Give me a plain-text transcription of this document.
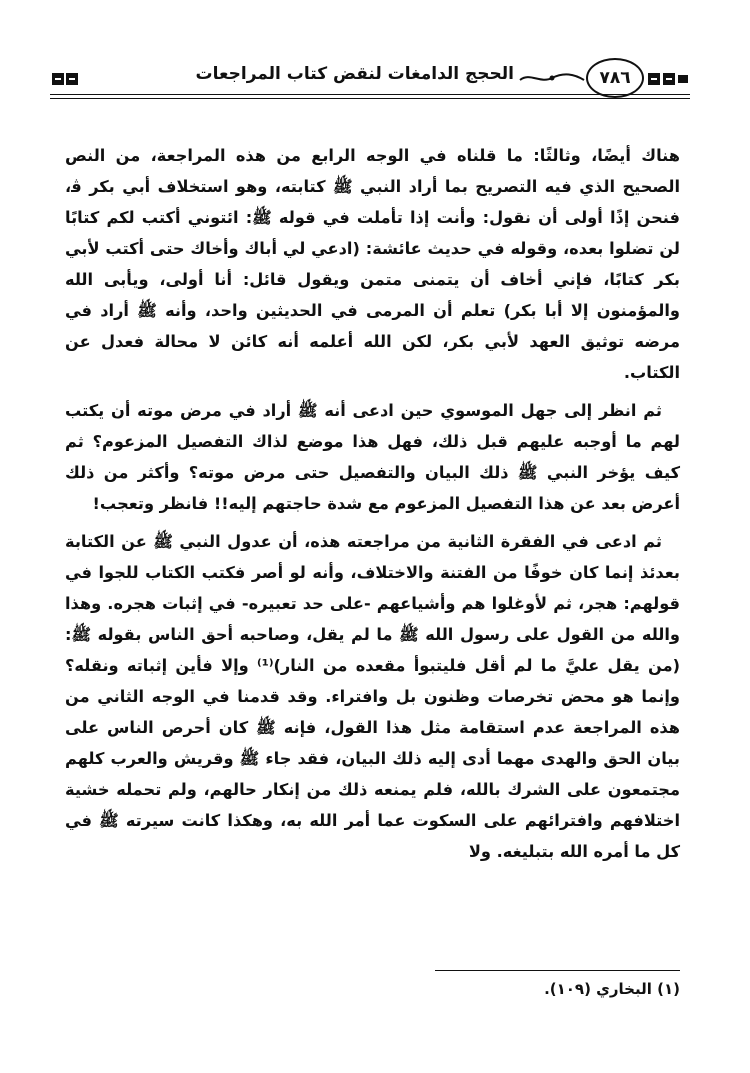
٧٨٦
الحجج الدامغات لنقض كتاب المراجعات

هناك أيضًا، وثالثًا: ما قلناه في الوجه الرابع من هذه المراجعة، من النص الصحيح الذي فيه التصريح بما أراد النبي ﷺ كتابته، وهو استخلاف أبي بكر ﭬ، فنحن إذًا أولى أن نقول: وأنت إذا تأملت في قوله ﷺ: ائتوني أكتب لكم كتابًا لن تضلوا بعده، وقوله في حديث عائشة: (ادعي لي أباك وأخاك حتى أكتب لأبي بكر كتابًا، فإني أخاف أن يتمنى متمن ويقول قائل: أنا أولى، ويأبى الله والمؤمنون إلا أبا بكر) تعلم أن المرمى في الحديثين واحد، وأنه ﷺ أراد في مرضه توثيق العهد لأبي بكر، لكن الله أعلمه أنه كائن لا محالة فعدل عن الكتاب.

ثم انظر إلى جهل الموسوي حين ادعى أنه ﷺ أراد في مرض موته أن يكتب لهم ما أوجبه عليهم قبل ذلك، فهل هذا موضع لذاك التفصيل المزعوم؟ ثم كيف يؤخر النبي ﷺ ذلك البيان والتفصيل حتى مرض موته؟ وأكثر من ذلك أعرض بعد عن هذا التفصيل المزعوم مع شدة حاجتهم إليه!! فانظر وتعجب!

ثم ادعى في الفقرة الثانية من مراجعته هذه، أن عدول النبي ﷺ عن الكتابة بعدئذ إنما كان خوفًا من الفتنة والاختلاف، وأنه لو أصر فكتب الكتاب للجوا في قولهم: هجر، ثم لأوغلوا هم وأشياعهم -على حد تعبيره- في إثبات هجره. وهذا والله من القول على رسول الله ﷺ ما لم يقل، وصاحبه أحق الناس بقوله ﷺ: (من يقل عليَّ ما لم أقل فليتبوأ مقعده من النار)⁽¹⁾ وإلا فأين إثباته ونقله؟ وإنما هو محض تخرصات وظنون بل وافتراء. وقد قدمنا في الوجه الثاني من هذه المراجعة عدم استقامة مثل هذا القول، فإنه ﷺ كان أحرص الناس على بيان الحق والهدى مهما أدى إليه ذلك البيان، فقد جاء ﷺ وقريش والعرب كلهم مجتمعون على الشرك بالله، فلم يمنعه ذلك من إنكار حالهم، ولم تحمله خشية اختلافهم وافترائهم على السكوت عما أمر الله به، وهكذا كانت سيرته ﷺ في كل ما أمره الله بتبليغه. ولا

(١) البخاري (١٠٩).
